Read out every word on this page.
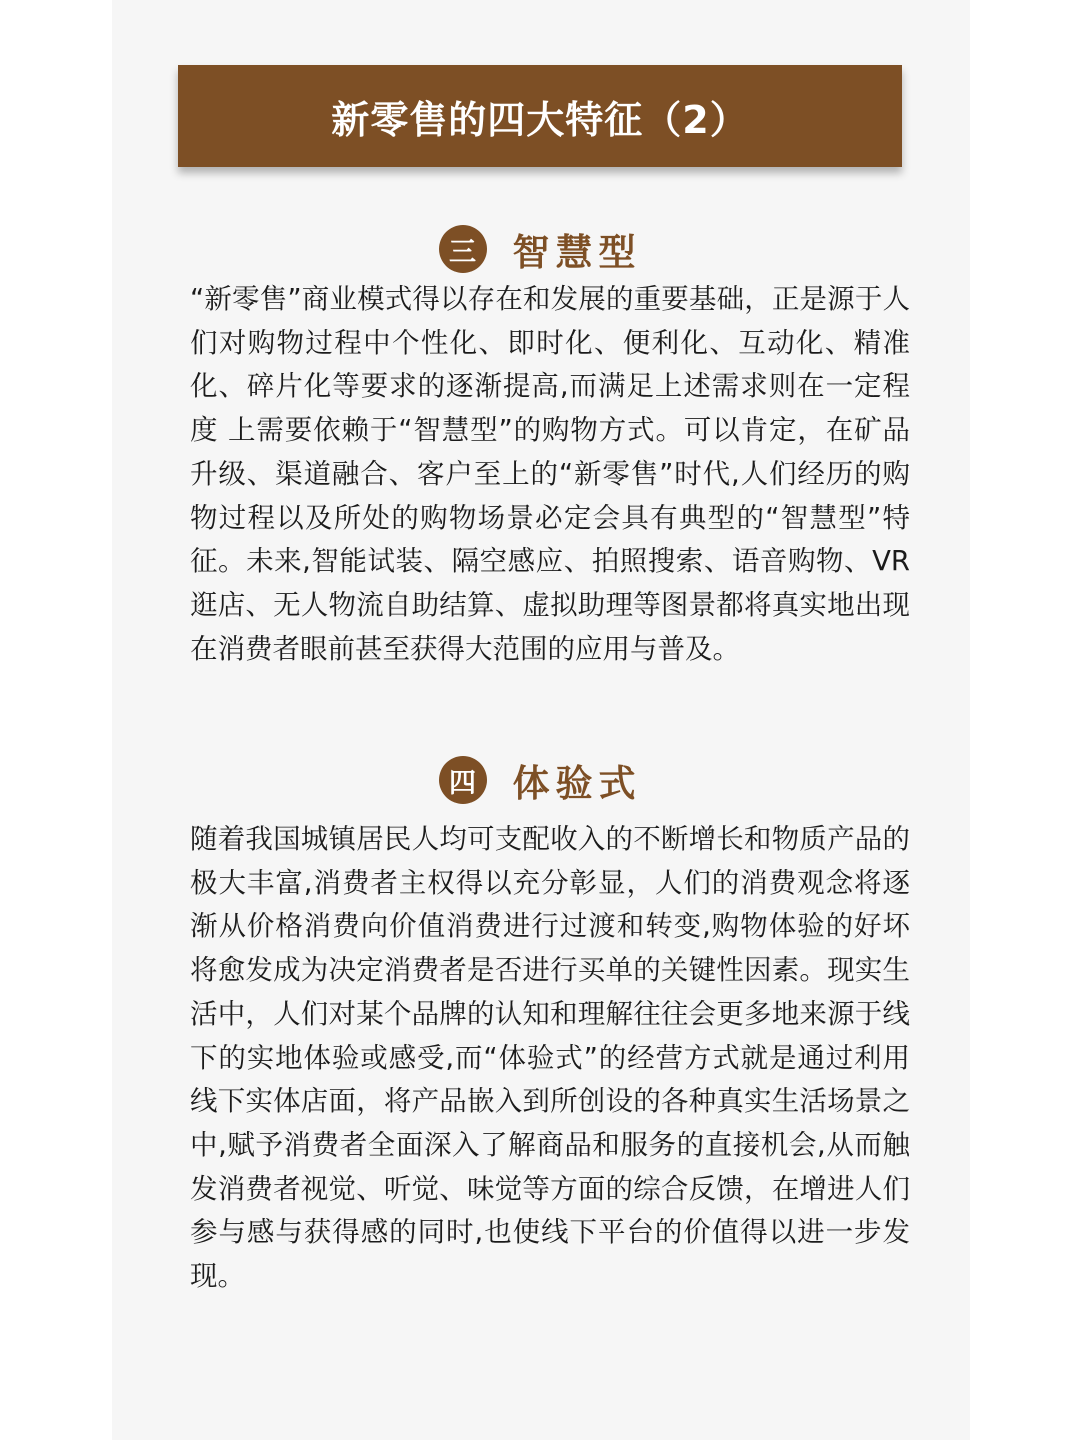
新零售的四大特征（2）
三 智慧型

“新零售”商业模式得以存在和发展的重要基础，正是源于人们对购物过程中个性化、即时化、便利化、互动化、精准化、碎片化等要求的逐渐提高,而满足上述需求则在一定程度 上需要依赖于“智慧型”的购物方式。可以肯定，在矿品升级、渠道融合、客户至上的“新零售”时代,人们经历的购物过程以及所处的购物场景必定会具有典型的“智慧型”特征。未来,智能试装、隔空感应、拍照搜索、语音购物、VR 逛店、无人物流自助结算、虚拟助理等图景都将真实地出现在消费者眼前甚至获得大范围的应用与普及。

四 体验式

随着我国城镇居民人均可支配收入的不断增长和物质产品的极大丰富,消费者主权得以充分彰显，人们的消费观念将逐渐从价格消费向价值消费进行过渡和转变,购物体验的好坏将愈发成为决定消费者是否进行买单的关键性因素。现实生活中，人们对某个品牌的认知和理解往往会更多地来源于线下的实地体验或感受,而“体验式”的经营方式就是通过利用线下实体店面，将产品嵌入到所创设的各种真实生活场景之中,赋予消费者全面深入了解商品和服务的直接机会,从而触发消费者视觉、听觉、味觉等方面的综合反馈，在增进人们参与感与获得感的同时,也使线下平台的价值得以进一步发现。
